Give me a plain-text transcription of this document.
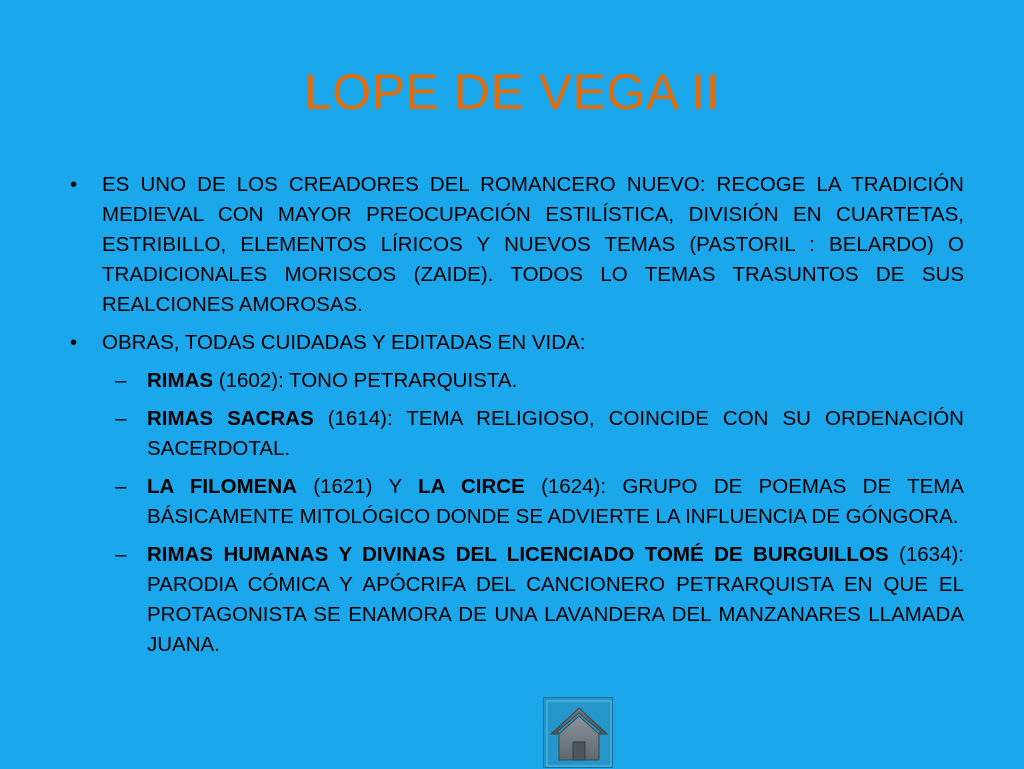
LOPE DE VEGA II
• ES UNO DE LOS CREADORES DEL ROMANCERO NUEVO: RECOGE LA TRADICIÓN MEDIEVAL CON MAYOR PREOCUPACIÓN ESTILÍSTICA, DIVISIÓN EN CUARTETAS, ESTRIBILLO, ELEMENTOS LÍRICOS Y NUEVOS TEMAS (PASTORIL : BELARDO) O TRADICIONALES MORISCOS (ZAIDE). TODOS LO TEMAS TRASUNTOS DE SUS REALCIONES AMOROSAS.
• OBRAS, TODAS CUIDADAS Y EDITADAS EN VIDA:
– RIMAS (1602): TONO PETRARQUISTA.
– RIMAS SACRAS (1614): TEMA RELIGIOSO, COINCIDE CON SU ORDENACIÓN SACERDOTAL.
– LA FILOMENA (1621) Y LA CIRCE (1624): GRUPO DE POEMAS DE TEMA BÁSICAMENTE MITOLÓGICO DONDE SE ADVIERTE LA INFLUENCIA DE GÓNGORA.
– RIMAS HUMANAS Y DIVINAS DEL LICENCIADO TOMÉ DE BURGUILLOS (1634): PARODIA CÓMICA Y APÓCRIFA DEL CANCIONERO PETRARQUISTA EN QUE EL PROTAGONISTA SE ENAMORA DE UNA LAVANDERA DEL MANZANARES LLAMADA JUANA.
